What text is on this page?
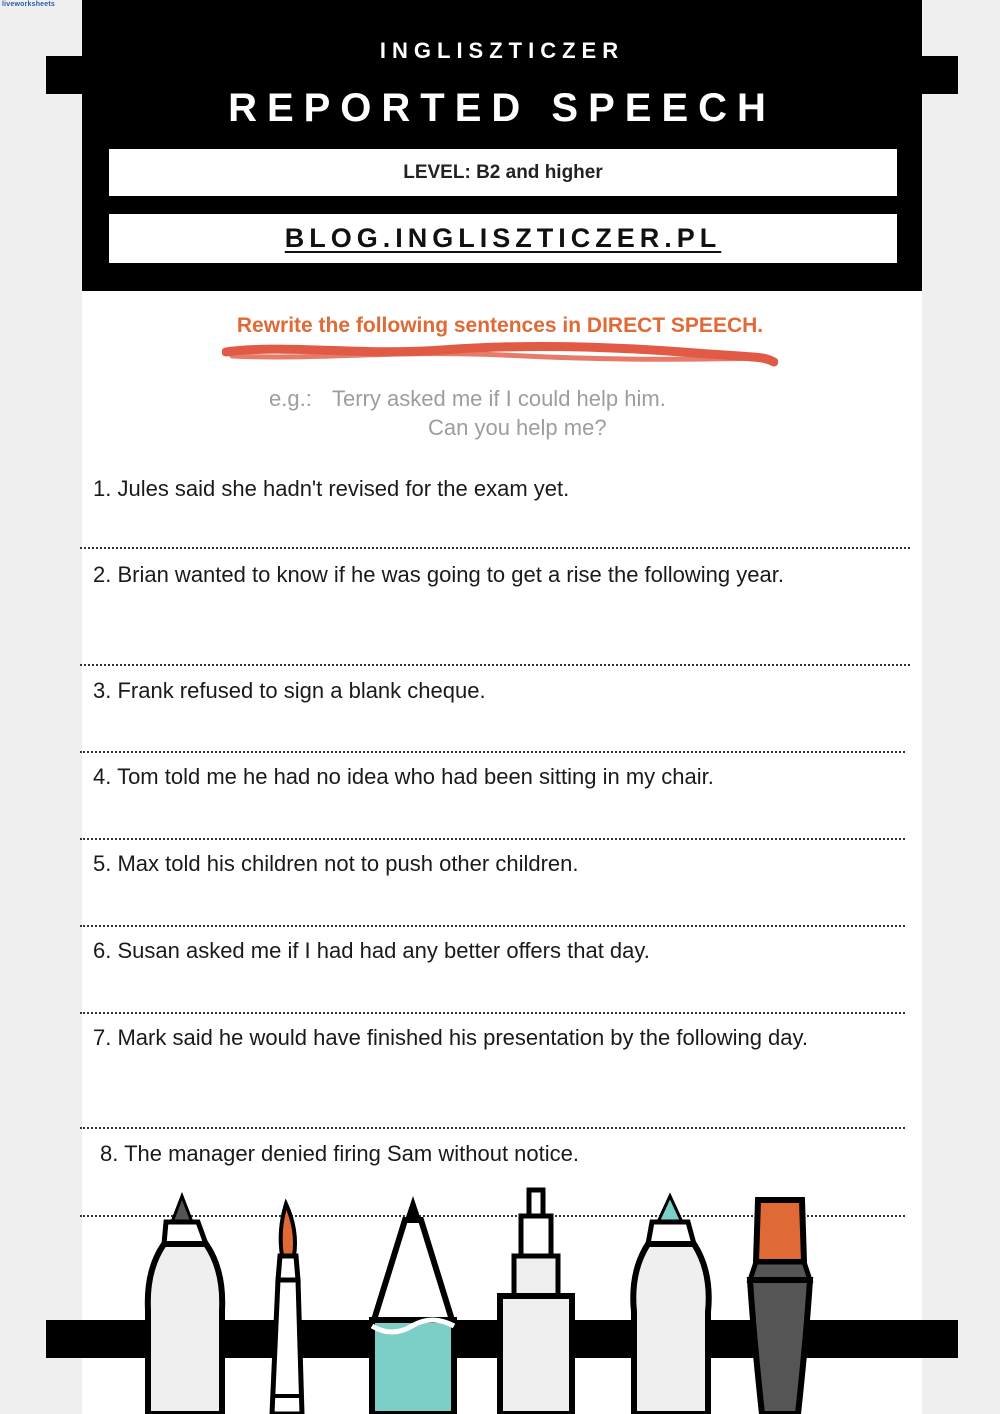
liveworksheets
INGLISZTICZER
REPORTED SPEECH
LEVEL: B2 and higher
BLOG.INGLISZTICZER.PL
Rewrite the following sentences in DIRECT SPEECH.
e.g.: Terry asked me if I could help him.
Can you help me?
1. Jules said she hadn't revised for the exam yet.
2. Brian wanted to know if he was going to get a rise the following year.
3. Frank refused to sign a blank cheque.
4. Tom told me he had no idea who had been sitting in my chair.
5. Max told his children not to push other children.
6. Susan asked me if I had had any better offers that day.
7. Mark said he would have finished his presentation by the following day.
8. The manager denied firing Sam without notice.
